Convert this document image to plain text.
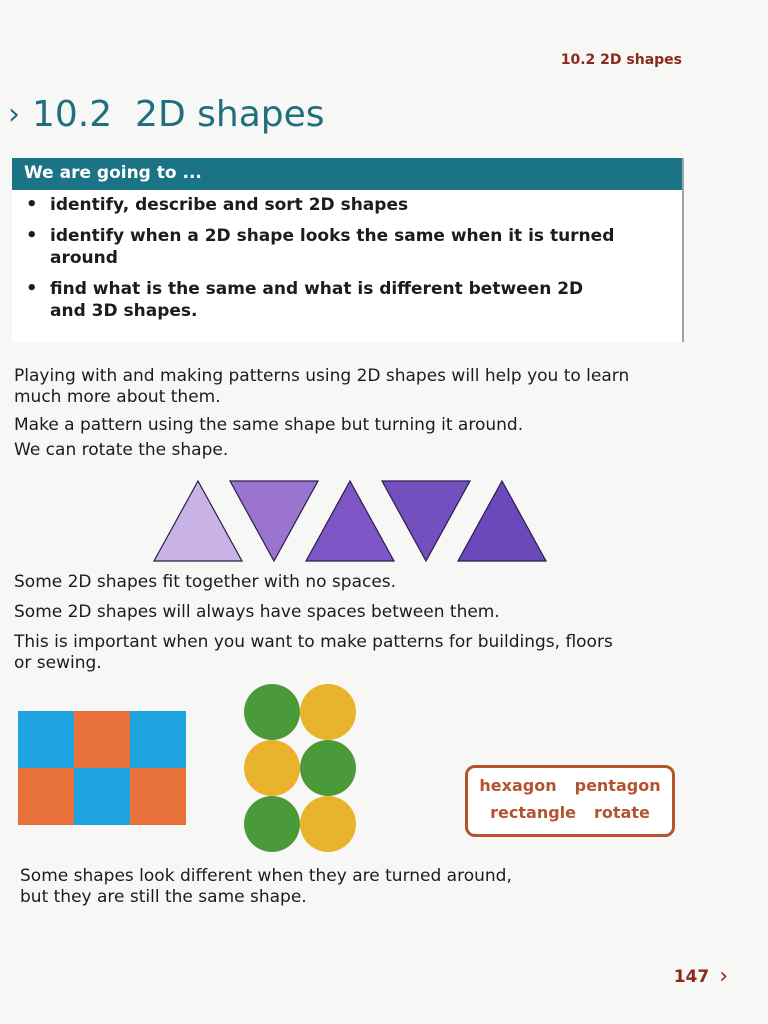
10.2 2D shapes
› 10.2
2D shapes
We are going to ...
• identify, describe and sort 2D shapes
• identify when a 2D shape looks the same when it is turned around
• find what is the same and what is different between 2D and 3D shapes.

Playing with and making patterns using 2D shapes will help you to learn much more about them.

Make a pattern using the same shape but turning it around.

We can rotate the shape.

Some 2D shapes fit together with no spaces.

Some 2D shapes will always have spaces between them.

This is important when you want to make patterns for buildings, floors or sewing.

hexagon pentagon
rectangle rotate

Some shapes look different when they are turned around,

but they are still the same shape.

147 ›
